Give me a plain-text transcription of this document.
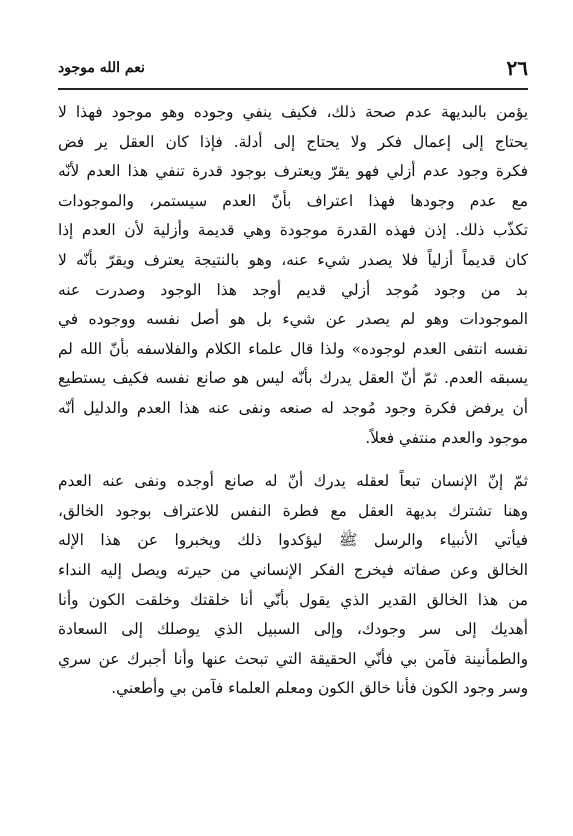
نعم الله موجود	٢٦
يؤمن بالبديهة عدم صحة ذلك، فكيف ينفي وجوده وهو موجود فهذا لا
يحتاج إلى إعمال فكر ولا يحتاج إلى أدلة. فإذا كان العقل ير فض
فكرة وجود عدم أزلي فهو يقرّ ويعترف بوجود قدرة تنفي هذا العدم لأنّه
مع عدم وجودها فهذا اعتراف بأنّ العدم سيستمر، والموجودات
تكذّب ذلك. إذن فهذه القدرة موجودة وهي قديمة وأزلية لأن العدم إذا
كان قديماً أزلياً فلا يصدر شيء عنه، وهو بالنتيجة يعترف ويقرّ بأنّه لا
بد من وجود مُوجد أزلي قديم أوجد هذا الوجود وصدرت عنه
الموجودات وهو لم يصدر عن شيء بل هو أصل نفسه ووجوده في
نفسه انتفى العدم لوجوده» ولذا قال علماء الكلام والفلاسفه بأنّ الله لم
يسبقه العدم. ثمّ أنّ العقل يدرك بأنّه ليس هو صانع نفسه فكيف يستطيع
أن يرفض فكرة وجود مُوجد له صنعه ونفى عنه هذا العدم والدليل أنّه
موجود والعدم منتفي فعلاً.
ثمّ إنّ الإنسان تبعاً لعقله يدرك أنّ له صانع أوجده ونفى عنه العدم
وهنا تشترك بديهة العقل مع فطرة النفس للاعتراف بوجود الخالق،
فيأتي الأنبياء والرسل ﷺ ليؤكدوا ذلك ويخبروا عن هذا الإله
الخالق وعن صفاته فيخرج الفكر الإنساني من حيرته ويصل إليه النداء
من هذا الخالق القدير الذي يقول بأنّي أنا خلقتك وخلقت الكون وأنا
أهديك إلى سر وجودك، وإلى السبيل الذي يوصلك إلى السعادة
والطمأنينة فآمن بي فأنّي الحقيقة التي تبحث عنها وأنا أجبرك عن سري
وسر وجود الكون فأنا خالق الكون ومعلم العلماء فآمن بي وأطعني.
